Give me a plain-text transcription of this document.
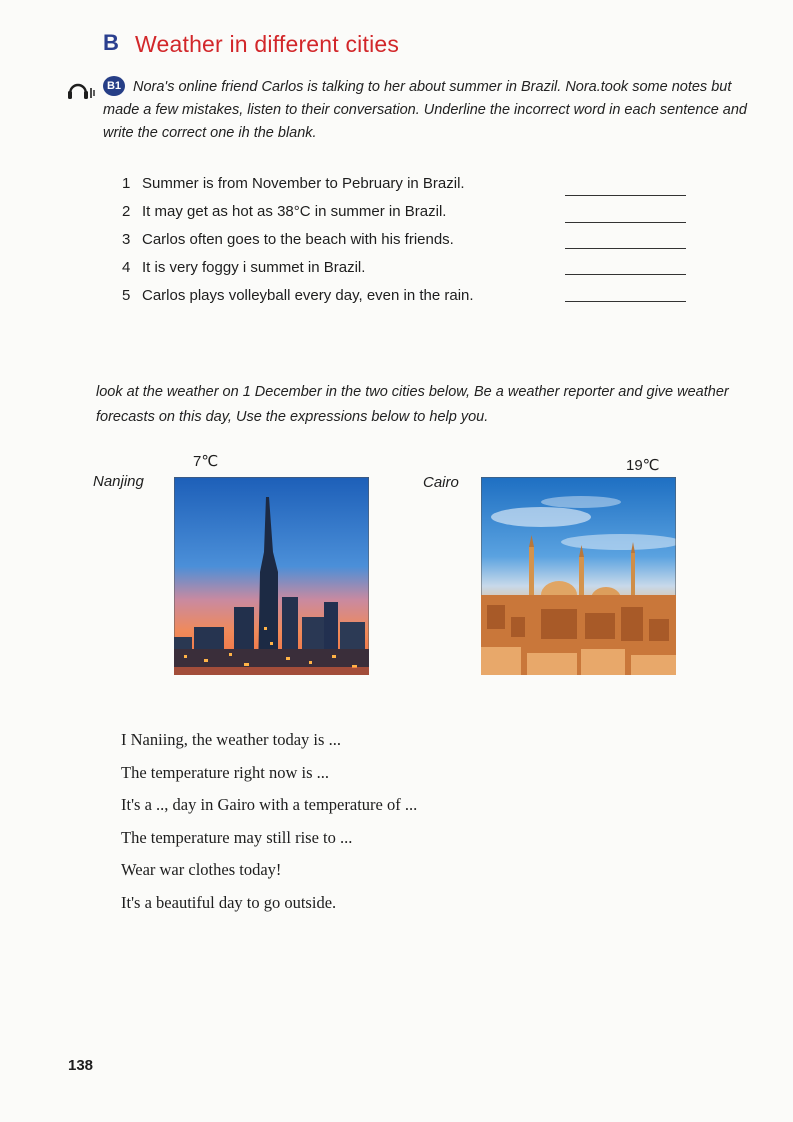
B Weather in different cities
B1 Nora's online friend Carlos is talking to her about summer in Brazil. Nora.took some notes but made a few mistakes, listen to their conversation. Underline the incorrect word in each sentence and write the correct one ih the blank.
1 Summer is from November to Pebruary in Brazil.
2 It may get as hot as 38°C in summer in Brazil.
3 Carlos often goes to the beach with his friends.
4 It is very foggy i summet in Brazil.
5 Carlos plays volleyball every day, even in the rain.
look at the weather on 1 December in the two cities below, Be a weather reporter and give weather forecasts on this day, Use the expressions below to help you.
7℃
Nanjing
19℃
Cairo
I Naniing, the weather today is ...
The temperature right now is ...
It's a .., day in Gairo with a temperature of ...
The temperature may still rise to ...
Wear war clothes today!
It's a beautiful day to go outside.
138
